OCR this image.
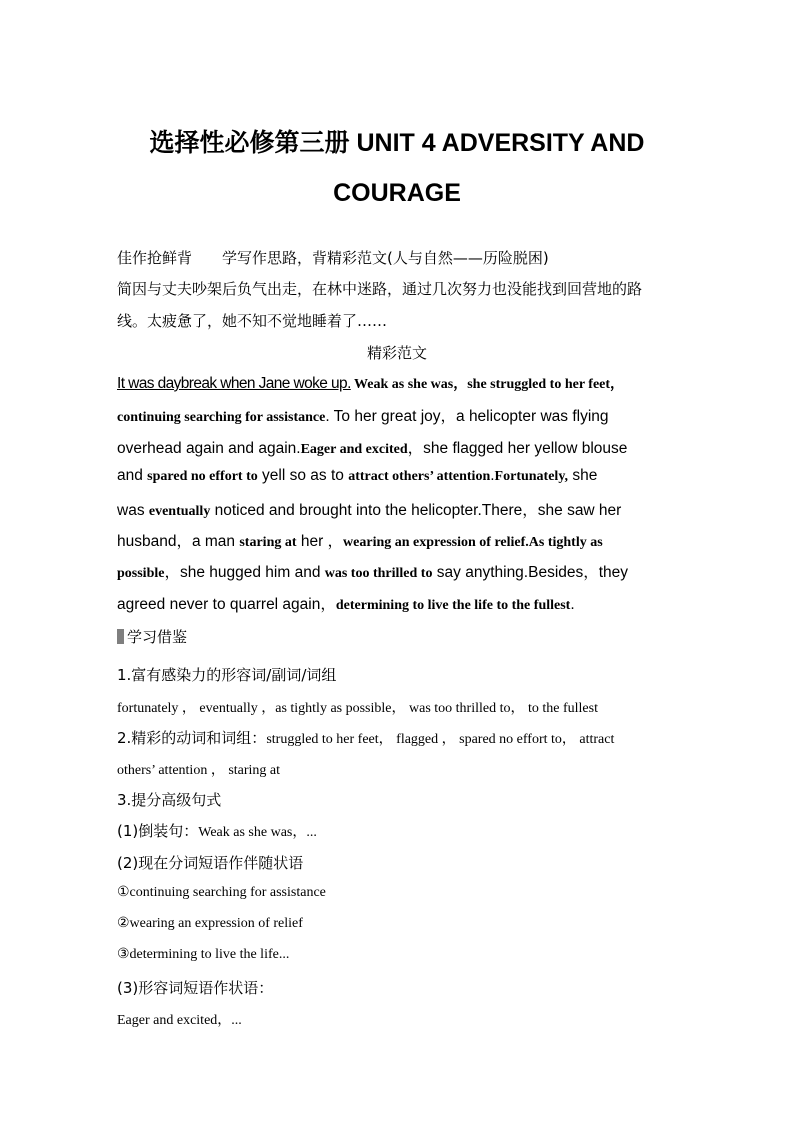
选择性必修第三册 UNIT 4 ADVERSITY AND COURAGE
佳作抢鲜背 学写作思路，背精彩范文(人与自然——历险脱困)
简因与丈夫吵架后负气出走，在林中迷路，通过几次努力也没能找到回营地的路
线。太疲惫了，她不知不觉地睡着了……
精彩范文
It was daybreak when Jane woke up. Weak as she was，she struggled to her feet，
continuing searching for assistance. To her great joy，a helicopter was flying
overhead again and again.Eager and excited，she flagged her yellow blouse
and spared no effort to yell so as to attract others’ attention.Fortunately, she
was eventually noticed and brought into the helicopter.There，she saw her
husband，a man staring at her ，wearing an expression of relief.As tightly as
possible，she hugged him and was too thrilled to say anything.Besides，they
agreed never to quarrel again，determining to live the life to the fullest.
学习借鉴
1.富有感染力的形容词/副词/词组
fortunately ， eventually ，as tightly as possible， was too thrilled to， to the fullest
2.精彩的动词和词组：struggled to her feet， flagged ， spared no effort to， attract
others’ attention ， staring at
3.提分高级句式
(1)倒装句：Weak as she was，...
(2)现在分词短语作伴随状语
①continuing searching for assistance
②wearing an expression of relief
③determining to live the life...
(3)形容词短语作状语：
Eager and excited，...
